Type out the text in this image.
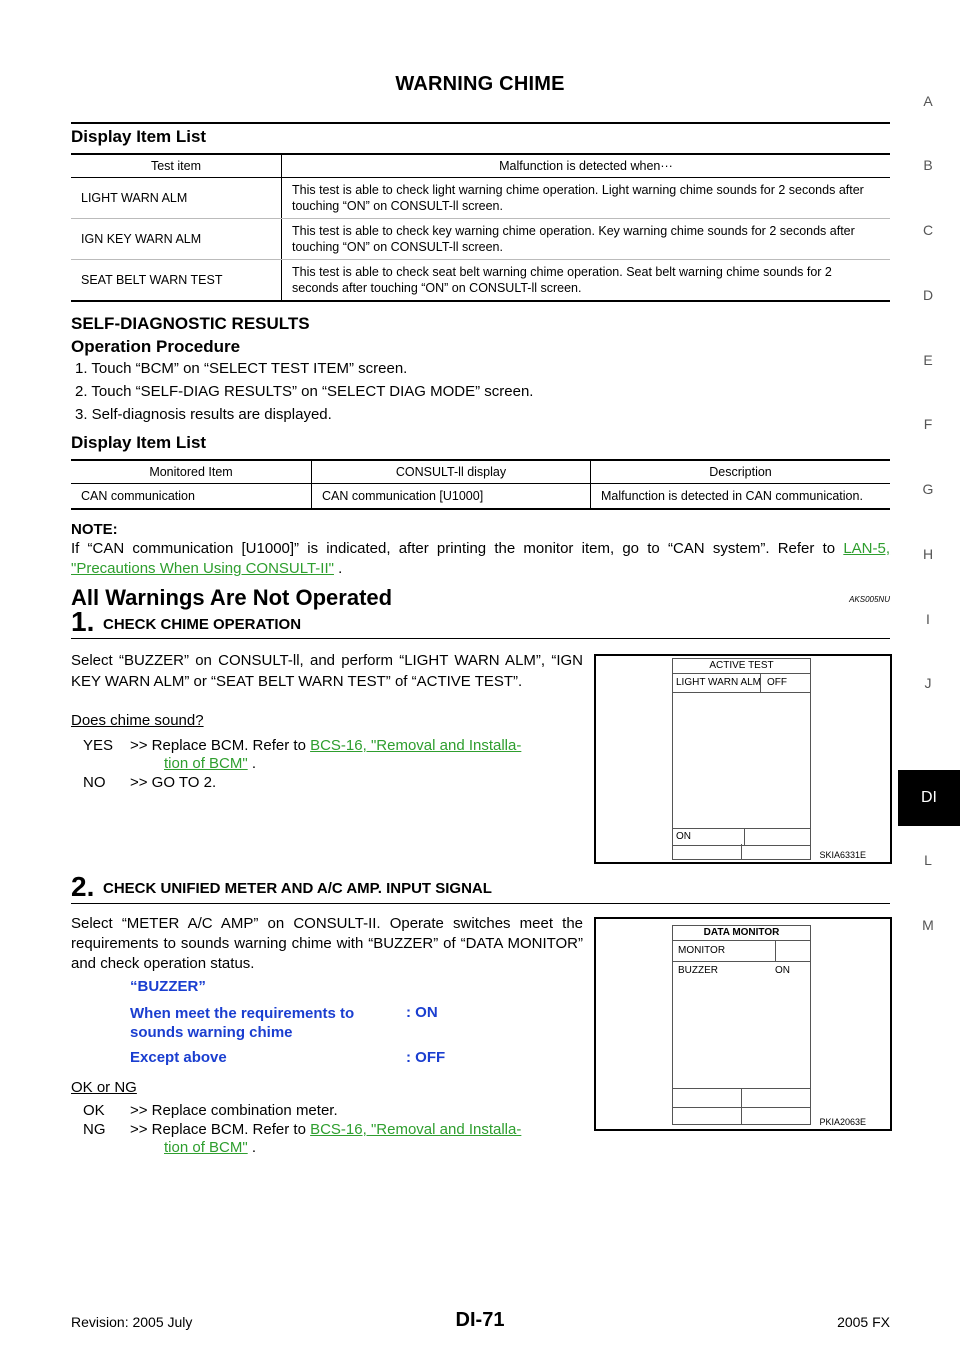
WARNING CHIME
A
B
C
D
E
F
G
H
I
J
DI
L
M
Display Item List
Test item	Malfunction is detected when···
LIGHT WARN ALM	This test is able to check light warning chime operation. Light warning chime sounds for 2 seconds after touching “ON” on CONSULT-ll screen.
IGN KEY WARN ALM	This test is able to check key warning chime operation. Key warning chime sounds for 2 seconds after touching “ON” on CONSULT-ll screen.
SEAT BELT WARN TEST	This test is able to check seat belt warning chime operation. Seat belt warning chime sounds for 2 seconds after touching “ON” on CONSULT-ll screen.
SELF-DIAGNOSTIC RESULTS
Operation Procedure
1. Touch “BCM” on “SELECT TEST ITEM” screen.
2. Touch “SELF-DIAG RESULTS” on “SELECT DIAG MODE” screen.
3. Self-diagnosis results are displayed.
Display Item List
Monitored Item	CONSULT-ll display	Description
CAN communication	CAN communication [U1000]	Malfunction is detected in CAN communication.
NOTE:
If “CAN communication [U1000]” is indicated, after printing the monitor item, go to “CAN system”. Refer to LAN-5, "Precautions When Using CONSULT-II" .
All Warnings Are Not Operated	AKS005NU
1. CHECK CHIME OPERATION
Select “BUZZER” on CONSULT-ll, and perform “LIGHT WARN ALM”, “IGN KEY WARN ALM” or “SEAT BELT WARN TEST” of “ACTIVE TEST”.
Does chime sound?
YES >> Replace BCM. Refer to BCS-16, "Removal and Installa-
tion of BCM" .
NO >> GO TO 2.
ACTIVE TEST
LIGHT WARN ALM OFF
ON
SKIA6331E
2. CHECK UNIFIED METER AND A/C AMP. INPUT SIGNAL
Select “METER A/C AMP” on CONSULT-II. Operate switches meet the requirements to sounds warning chime with “BUZZER” of “DATA MONITOR” and check operation status.
“BUZZER”
When meet the requirements to sounds warning chime
: ON
Except above	: OFF
OK or NG
OK >> Replace combination meter.
NG >> Replace BCM. Refer to BCS-16, "Removal and Installa-
tion of BCM" .
DATA MONITOR
MONITOR
BUZZER	ON
PKIA2063E
Revision: 2005 July	DI-71	2005 FX
